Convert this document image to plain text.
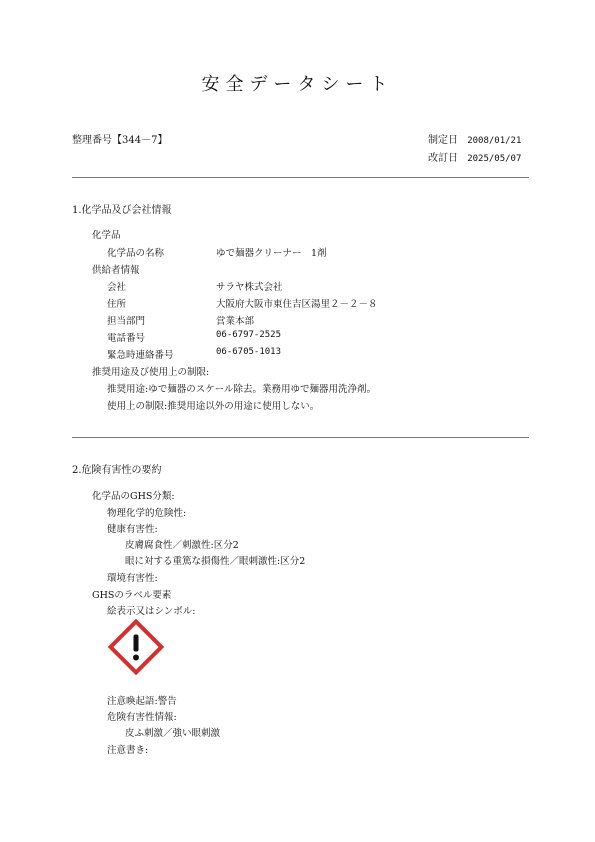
安全データシート
整理番号【344－7】	制定日 2008/01/21
改訂日 2025/05/07
1.化学品及び会社情報
化学品
化学品の名称	ゆで麺器クリーナー　1剤
供給者情報
会社	サラヤ株式会社
住所	大阪府大阪市東住吉区湯里２－２－８
担当部門	営業本部
電話番号	06-6797-2525
緊急時連絡番号	06-6705-1013
推奨用途及び使用上の制限:
推奨用途:ゆで麺器のスケール除去。業務用ゆで麺器用洗浄剤。
使用上の制限:推奨用途以外の用途に使用しない。
2.危険有害性の要約
化学品のGHS分類:
物理化学的危険性:
健康有害性:
皮膚腐食性／刺激性:区分2
眼に対する重篤な損傷性／眼刺激性:区分2
環境有害性:
GHSのラベル要素
絵表示又はシンボル:
注意喚起語:警告
危険有害性情報:
皮ふ刺激／強い眼刺激
注意書き:
